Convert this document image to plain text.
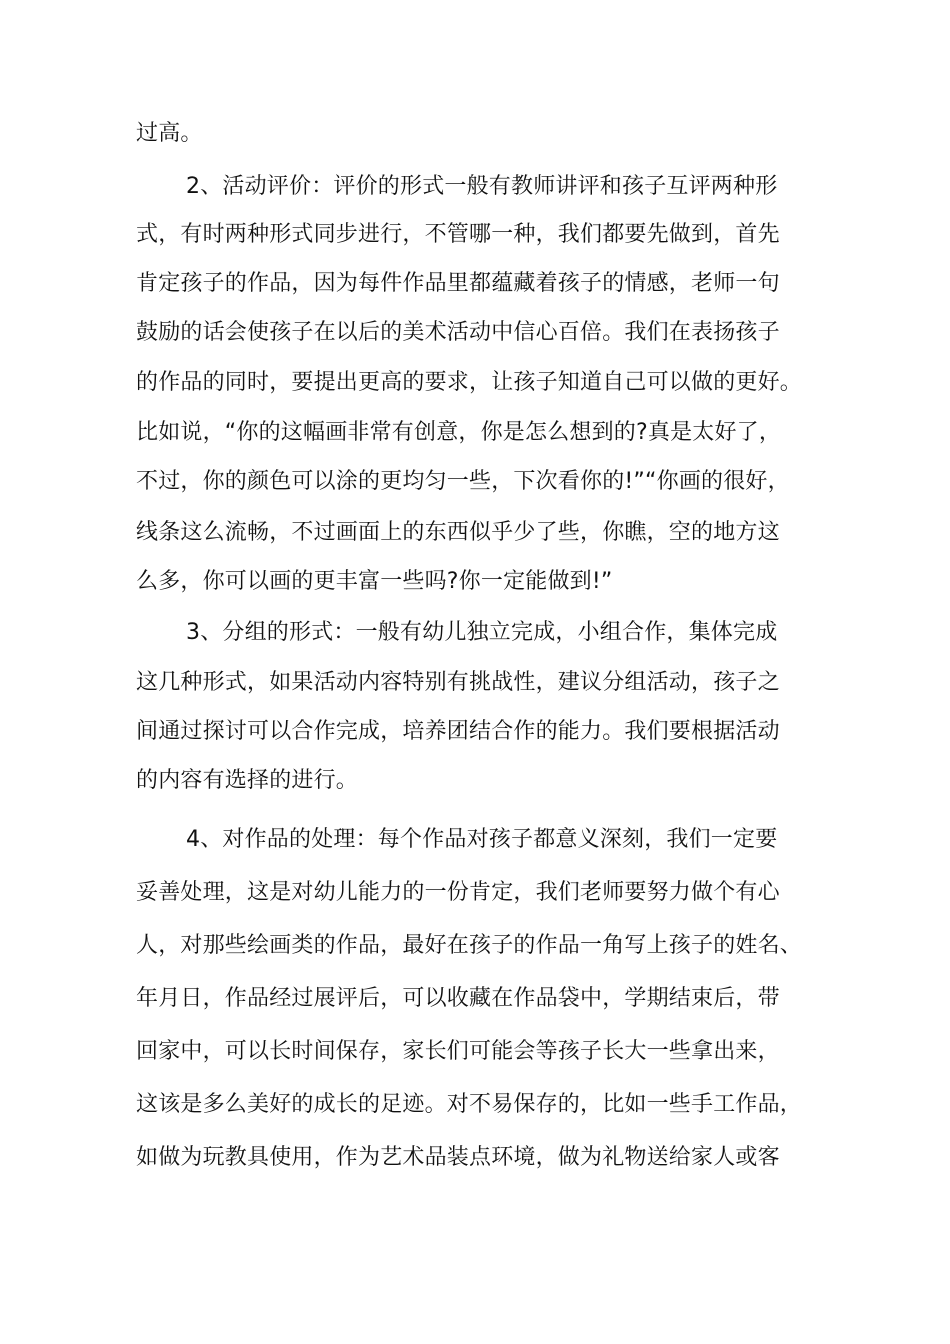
过高。
2、活动评价：评价的形式一般有教师讲评和孩子互评两种形
式，有时两种形式同步进行，不管哪一种，我们都要先做到，首先
肯定孩子的作品，因为每件作品里都蕴藏着孩子的情感，老师一句
鼓励的话会使孩子在以后的美术活动中信心百倍。我们在表扬孩子
的作品的同时，要提出更高的要求，让孩子知道自己可以做的更好。
比如说，“你的这幅画非常有创意，你是怎么想到的?真是太好了，
不过，你的颜色可以涂的更均匀一些，下次看你的!”“你画的很好，
线条这么流畅，不过画面上的东西似乎少了些，你瞧，空的地方这
么多，你可以画的更丰富一些吗?你一定能做到!”
3、分组的形式：一般有幼儿独立完成，小组合作，集体完成
这几种形式，如果活动内容特别有挑战性，建议分组活动，孩子之
间通过探讨可以合作完成，培养团结合作的能力。我们要根据活动
的内容有选择的进行。
4、对作品的处理：每个作品对孩子都意义深刻，我们一定要
妥善处理，这是对幼儿能力的一份肯定，我们老师要努力做个有心
人，对那些绘画类的作品，最好在孩子的作品一角写上孩子的姓名、
年月日，作品经过展评后，可以收藏在作品袋中，学期结束后，带
回家中，可以长时间保存，家长们可能会等孩子长大一些拿出来，
这该是多么美好的成长的足迹。对不易保存的，比如一些手工作品，
如做为玩教具使用，作为艺术品装点环境，做为礼物送给家人或客
